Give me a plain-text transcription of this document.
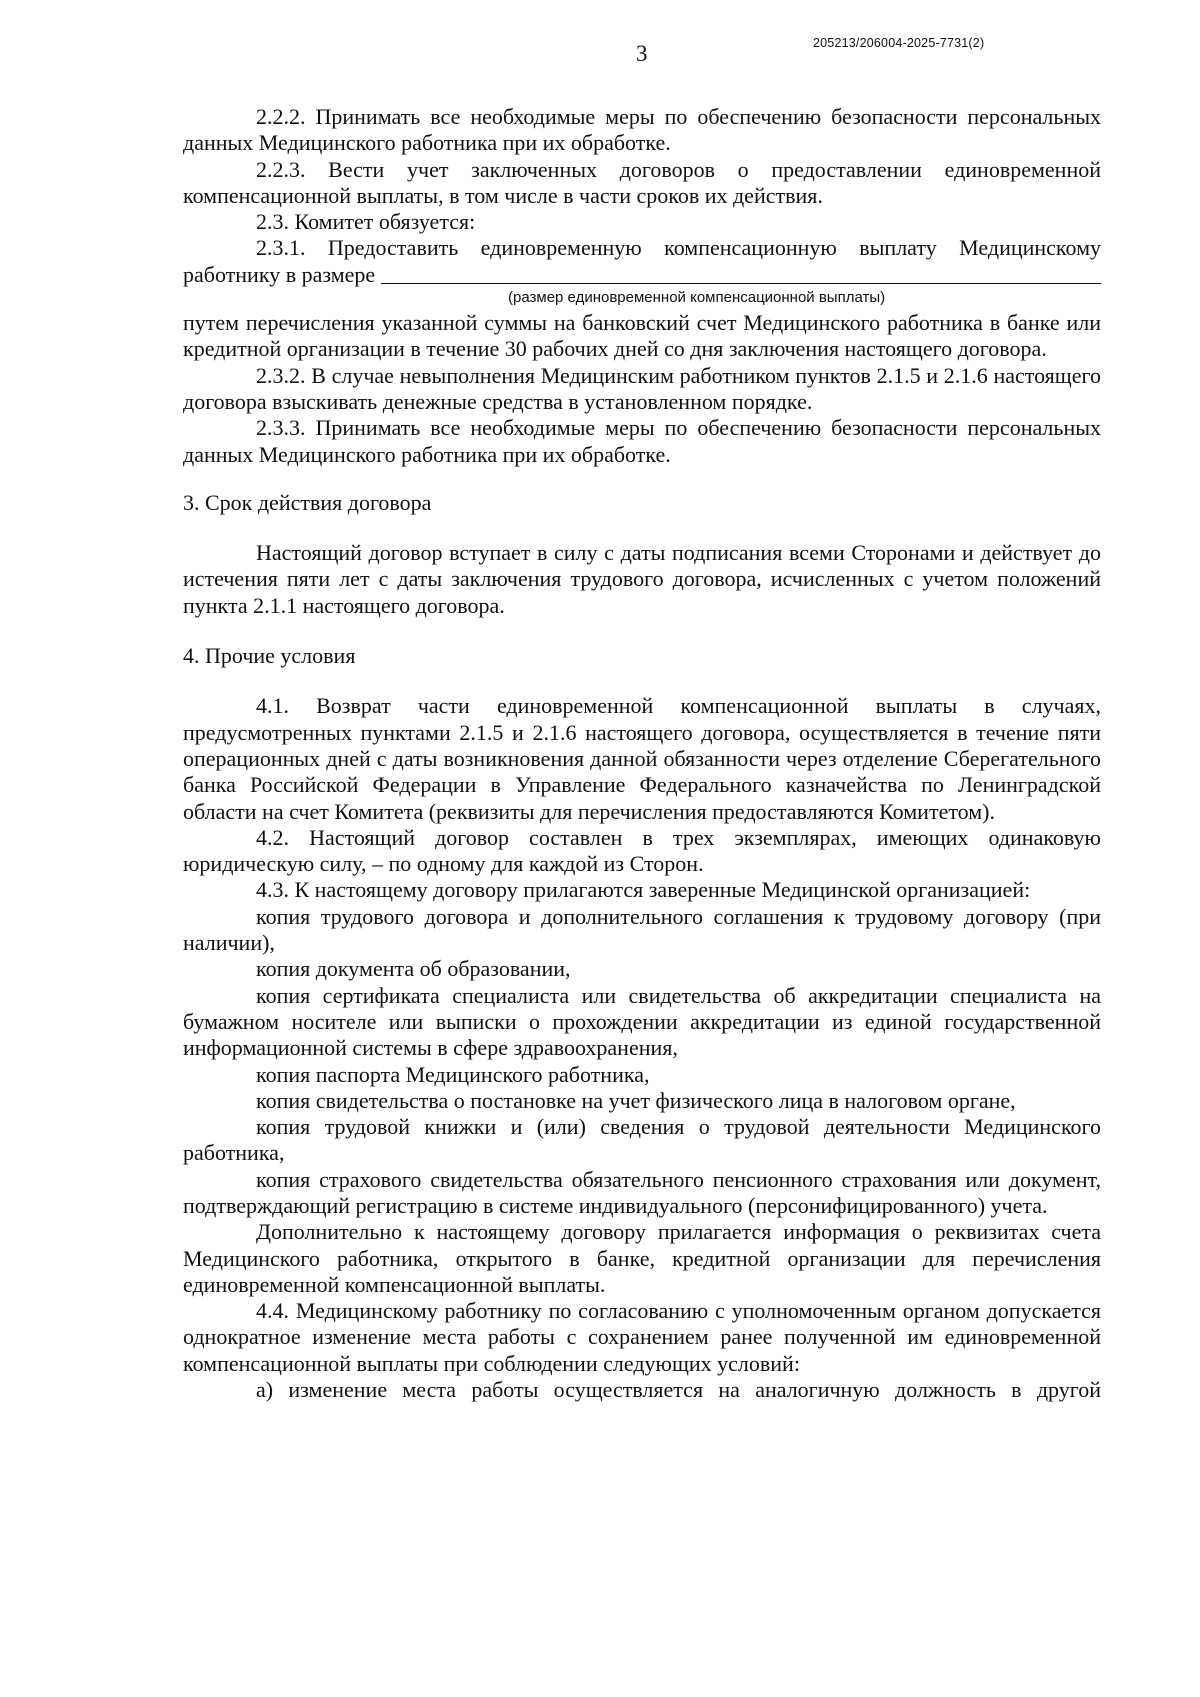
3	205213/206004-2025-7731(2)

2.2.2. Принимать все необходимые меры по обеспечению безопасности персональных данных Медицинского работника при их обработке.

2.2.3. Вести учет заключенных договоров о предоставлении единовременной компенсационной выплаты, в том числе в части сроков их действия.

2.3. Комитет обязуется:

2.3.1. Предоставить единовременную компенсационную выплату Медицинскому

работнику в размере
(размер единовременной компенсационной выплаты)

путем перечисления указанной суммы на банковский счет Медицинского работника в банке или кредитной организации в течение 30 рабочих дней со дня заключения настоящего договора.

2.3.2. В случае невыполнения Медицинским работником пунктов 2.1.5 и 2.1.6 настоящего договора взыскивать денежные средства в установленном порядке.

2.3.3. Принимать все необходимые меры по обеспечению безопасности персональных данных Медицинского работника при их обработке.

3. Срок действия договора

Настоящий договор вступает в силу с даты подписания всеми Сторонами и действует до истечения пяти лет с даты заключения трудового договора, исчисленных с учетом положений пункта 2.1.1 настоящего договора.

4. Прочие условия

4.1. Возврат части единовременной компенсационной выплаты в случаях, предусмотренных пунктами 2.1.5 и 2.1.6 настоящего договора, осуществляется в течение пяти операционных дней с даты возникновения данной обязанности через отделение Сберегательного банка Российской Федерации в Управление Федерального казначейства по Ленинградской области на счет Комитета (реквизиты для перечисления предоставляются Комитетом).

4.2. Настоящий договор составлен в трех экземплярах, имеющих одинаковую юридическую силу, – по одному для каждой из Сторон.

4.3. К настоящему договору прилагаются заверенные Медицинской организацией:

копия трудового договора и дополнительного соглашения к трудовому договору (при наличии),

копия документа об образовании,

копия сертификата специалиста или свидетельства об аккредитации специалиста на бумажном носителе или выписки о прохождении аккредитации из единой государственной информационной системы в сфере здравоохранения,

копия паспорта Медицинского работника,

копия свидетельства о постановке на учет физического лица в налоговом органе,

копия трудовой книжки и (или) сведения о трудовой деятельности Медицинского работника,

копия страхового свидетельства обязательного пенсионного страхования или документ, подтверждающий регистрацию в системе индивидуального (персонифицированного) учета.

Дополнительно к настоящему договору прилагается информация о реквизитах счета Медицинского работника, открытого в банке, кредитной организации для перечисления единовременной компенсационной выплаты.

4.4. Медицинскому работнику по согласованию с уполномоченным органом допускается однократное изменение места работы с сохранением ранее полученной им единовременной компенсационной выплаты при соблюдении следующих условий:

а) изменение места работы осуществляется на аналогичную должность в другой
